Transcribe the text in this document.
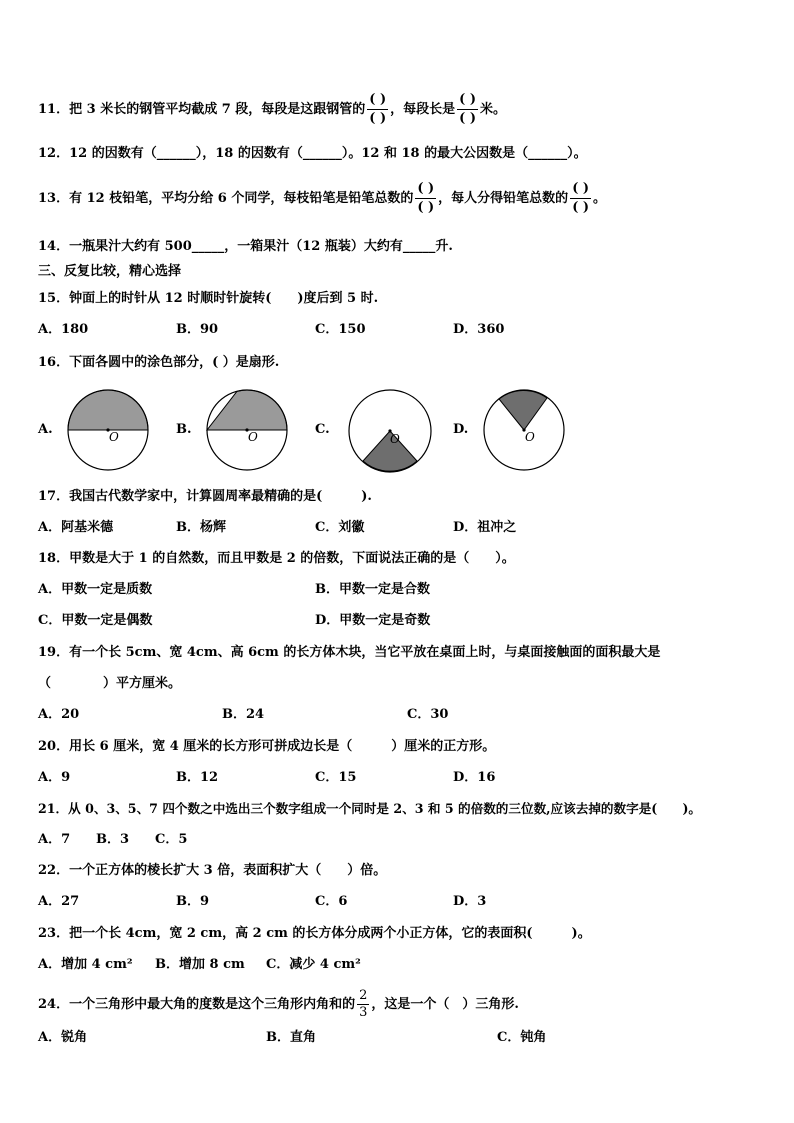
11．把 3 米长的钢管平均截成 7 段，每段是这跟钢管的 $\frac{( )}{( )}$ ，每段长是 $\frac{( )}{( )}$ 米。
12．12 的因数有（______），18 的因数有（______）。12 和 18 的最大公因数是（______）。
13．有 12 枝铅笔，平均分给 6 个同学，每枝铅笔是铅笔总数的 $\frac{( )}{( )}$ ，每人分得铅笔总数的 $\frac{( )}{( )}$ 。
14．一瓶果汁大约有 500_____，一箱果汁（12 瓶装）大约有_____升.
三、反复比较，精心选择
15．钟面上的时针从 12 时顺时针旋转(　　)度后到 5 时.
A．180	B．90	C．150	D．360
16．下面各圆中的涂色部分，( ）是扇形.
A.	O	B.	O	C.
O
D.	O
17．我国古代数学家中，计算圆周率最精确的是(　　　).
A．阿基米德	B．杨辉	C．刘徽	D．祖冲之
18．甲数是大于 1 的自然数，而且甲数是 2 的倍数，下面说法正确的是（　　）。
A．甲数一定是质数	B．甲数一定是合数
C．甲数一定是偶数	D．甲数一定是奇数
19．有一个长 5cm、宽 4cm、高 6cm 的长方体木块，当它平放在桌面上时，与桌面接触面的面积最大是
（　　　　）平方厘米。
A．20	B．24	C．30
20．用长 6 厘米，宽 4 厘米的长方形可拼成边长是（　　　）厘米的正方形。
A．9	B．12	C．15	D．16
21．从 0、3、5、7 四个数之中选出三个数字组成一个同时是 2、3 和 5 的倍数的三位数,应该去掉的数字是(　　)。
A．7 B．3 C．5
22．一个正方体的棱长扩大 3 倍，表面积扩大（　　）倍。
A．27	B．9	C．6	D．3
23．把一个长 4cm，宽 2 cm，高 2 cm 的长方体分成两个小正方体，它的表面积(　　　)。
A．增加 4 cm² B．增加 8 cm C．减少 4 cm²
24．一个三角形中最大角的度数是这个三角形内角和的 $\frac{2}{3}$ ，这是一个（　）三角形.
A．锐角	B．直角	C．钝角
